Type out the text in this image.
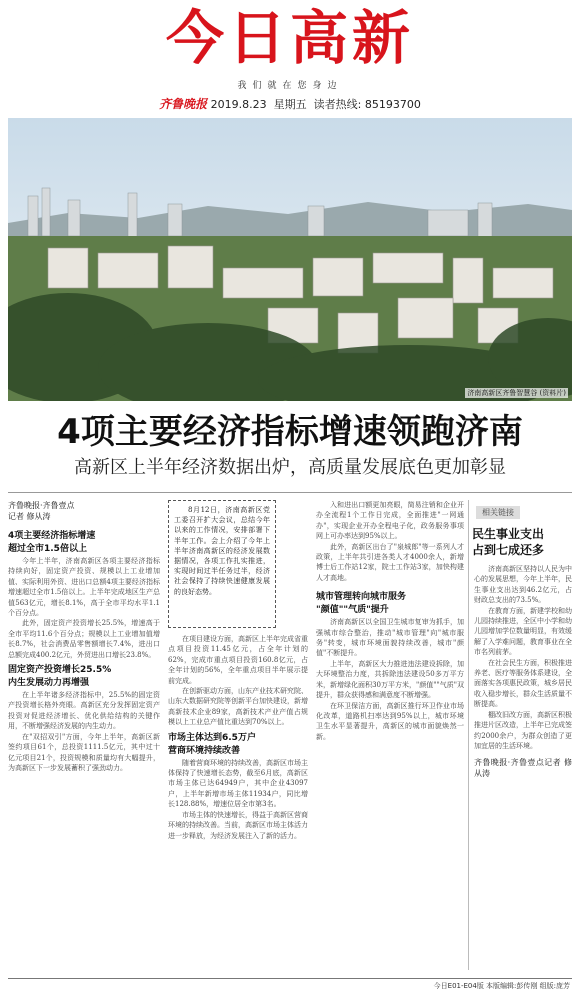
今日高新
我们就在您身边
齐鲁晚报 2019.8.23 星期五 读者热线: 85193700
济南高新区齐鲁智慧谷 (资料片)
4项主要经济指标增速领跑济南
高新区上半年经济数据出炉，高质量发展底色更加彰显
齐鲁晚报·齐鲁壹点
记者 修从涛

4项主要经济指标增速

超过全市1.5倍以上

今年上半年，济南高新区各项主要经济指标持续向好，固定资产投资、规模以上工业增加值、实际利用外资、进出口总额4项主要经济指标增速超过全市1.5倍以上。上半年完成地区生产总值563亿元，增长8.1%，高于全市平均水平1.1个百分点。

此外，固定资产投资增长25.5%，增速高于全市平均11.6个百分点；规模以上工业增加值增长8.7%，社会消费品零售额增长7.4%，进出口总额完成400.2亿元，外贸进出口增长23.8%。

固定资产投资增长25.5%

内生发展动力再增强

在上半年诸多经济指标中，25.5%的固定资产投资增长格外亮眼。高新区充分发挥固定资产投资对促进经济增长、优化供给结构的关键作用，不断增强经济发展的内生动力。

在"双招双引"方面，今年上半年，高新区新签约项目61个，总投资1111.5亿元，其中过十亿元项目21个，投资规模和质量均有大幅提升，为高新区下一步发展蓄积了强劲动力。

8月12日，济南高新区党工委召开扩大会议，总结今年以来的工作情况，安排部署下半年工作。会上介绍了今年上半年济南高新区的经济发展数据情况，各项工作扎实推进，实现时间过半任务过半，经济社会保持了持续快速健康发展的良好态势。

在项目建设方面，高新区上半年完成省重点项目投资11.45亿元，占全年计划的62%，完成市重点项目投资160.8亿元，占全年计划的56%，全年重点项目半年展示提前完成。

在创新驱动方面，山东产业技术研究院、山东大数据研究院等创新平台加快建设，新增高新技术企业89家，高新技术产业产值占规模以上工业总产值比重达到70%以上。

市场主体达到6.5万户

营商环境持续改善

随着营商环境的持续改善，高新区市场主体保持了快速增长态势，截至6月底，高新区市场主体已达64949户，其中企业43097户，上半年新增市场主体11934户，同比增长128.88%，增速位居全市第3名。

市场主体的快速增长，得益于高新区营商环境的持续改善。当前，高新区市场主体活力进一步释放，为经济发展注入了新的活力。

入和进出口额更加亮眼，简易注销和企业开办全流程1个工作日完成，全面推进"一网通办"，实现企业开办全程电子化，政务服务事项网上可办率达到95%以上。

此外，高新区出台了"泉城郎"等一系列人才政策，上半年共引进各类人才4000余人，新增博士后工作站12家，院士工作站3家，加快构建人才高地。

城市管理转向城市服务

"颜值""气质"提升

济南高新区以全国卫生城市复审为抓手，加强城市综合整治，推动"城市管理"向"城市服务"转变，城市环境面貌持续改善，城市"颜值"不断提升。

上半年，高新区大力推进违法建设拆除，加大环境整治力度，共拆除违法建设50多万平方米，新增绿化面积30万平方米，"颜值""气质"双提升，群众获得感和满意度不断增强。

在环卫保洁方面，高新区推行环卫作业市场化改革，道路机扫率达到95%以上，城市环境卫生水平显著提升，高新区的城市面貌焕然一新。

相关链接
民生事业支出
占到七成还多

济南高新区坚持以人民为中心的发展思想，今年上半年，民生事业支出达到46.2亿元，占财政总支出的73.5%。

在教育方面，新建学校和幼儿园持续推进，全区中小学和幼儿园增加学位数量明显，有效缓解了入学难问题，教育事业在全市名列前茅。

在社会民生方面，积极推进养老、医疗等服务体系建设，全面落实各项惠民政策，城乡居民收入稳步增长，群众生活质量不断提高。

棚改旧改方面，高新区积极推进片区改造，上半年已完成签约2000余户，为群众创造了更加宜居的生活环境。

齐鲁晚报·齐鲁壹点记者 修从涛

今日E01-E04版 本版编辑:彭传刚 组版:庞芳
